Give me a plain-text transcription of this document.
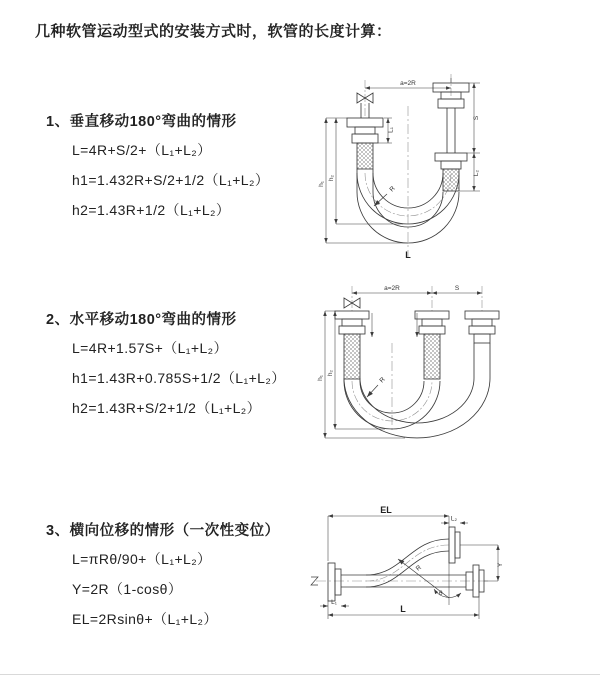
几种软管运动型式的安装方式时，软管的长度计算：
1、垂直移动180°弯曲的情形
L=4R+S/2+（L₁+L₂）
h1=1.432R+S/2+1/2（L₁+L₂）
h2=1.43R+1/2（L₁+L₂）
2、水平移动180°弯曲的情形
L=4R+1.57S+（L₁+L₂）
h1=1.43R+0.785S+1/2（L₁+L₂）
h2=1.43R+S/2+1/2（L₁+L₂）
3、横向位移的情形（一次性变位）
L=πRθ/90+（L₁+L₂）
Y=2R（1-cosθ）
EL=2Rsinθ+（L₁+L₂）
a=2R
h₂
h₁
L₁
S
L₂
R
L
a=2R	S
h₂
h₁	R
EL
L₂
Y
R
θ
L₁
L
